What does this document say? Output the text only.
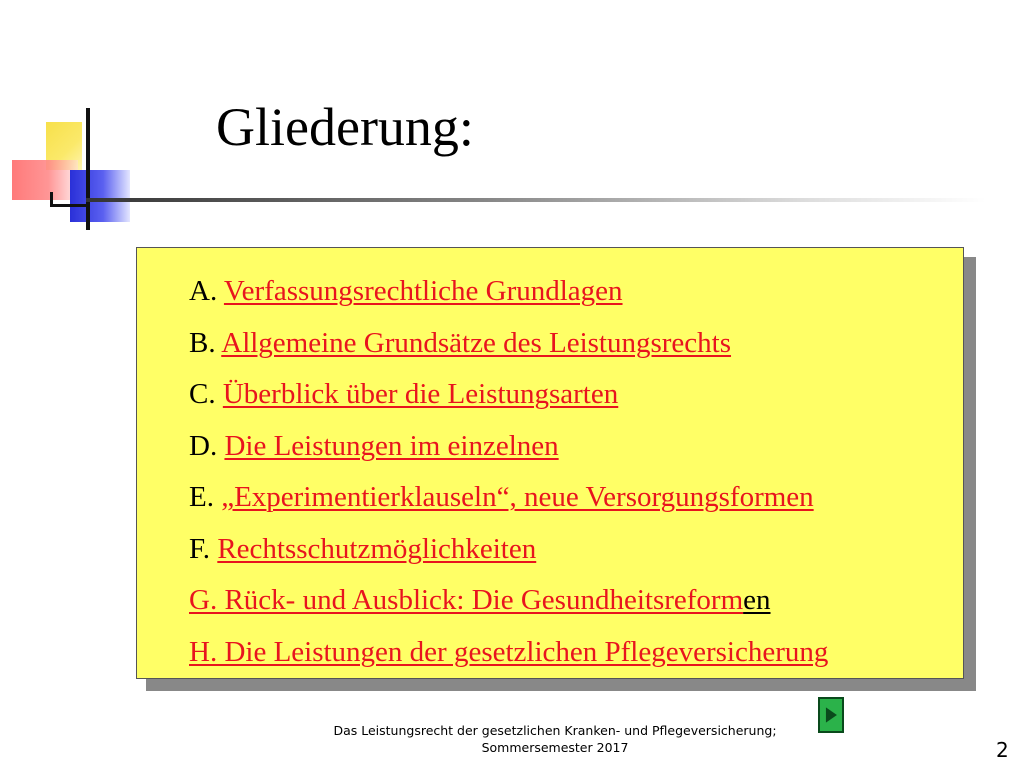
Gliederung:
A. Verfassungsrechtliche Grundlagen
B. Allgemeine Grundsätze des Leistungsrechts
C. Überblick über die Leistungsarten
D. Die Leistungen im einzelnen
E. „Experimentierklauseln“, neue Versorgungsformen
F. Rechtsschutzmöglichkeiten
G. Rück- und Ausblick: Die Gesundheitsreformen
H. Die Leistungen der gesetzlichen Pflegeversicherung
Das Leistungsrecht der gesetzlichen Kranken- und Pflegeversicherung;
Sommersemester 2017	2
